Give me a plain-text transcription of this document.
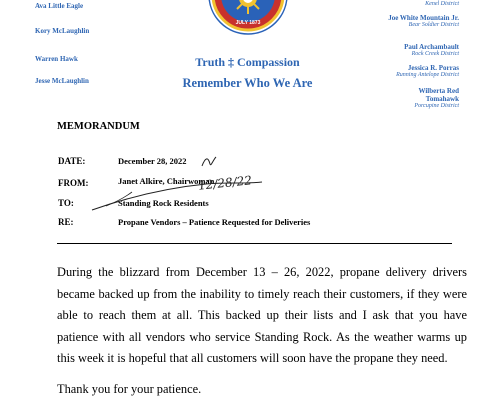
JULY 1873
Ava Little Eagle
Kory McLaughlin
Warren Hawk
Jesse McLaughlin
Kenel District
Joe White Mountain Jr.
Bear Soldier District
Paul Archambault
Rock Creek District
Jessica R. Porras
Running Antelope District
Wilberta Red Tomahawk
Porcupine District
Truth ‡ Compassion
Remember Who We Are
MEMORANDUM
DATE:	December 28, 2022
FROM:	Janet Alkire, Chairwoman
TO:	Standing Rock Residents
RE:	Propane Vendors – Patience Requested for Deliveries
12/28/22
During the blizzard from December 13 – 26, 2022, propane delivery drivers became backed up from the inability to timely reach their customers, if they were able to reach them at all. This backed up their lists and I ask that you have patience with all vendors who service Standing Rock. As the weather warms up this week it is hopeful that all customers will soon have the propane they need.
Thank you for your patience.
